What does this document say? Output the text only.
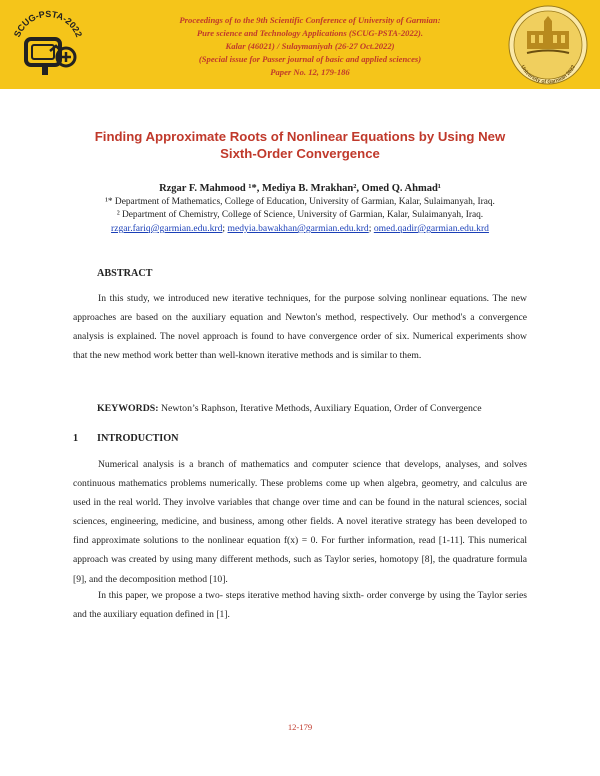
SCUG-PSTA-2022
Proceedings of to the 9th Scientific Conference of University of Garmian:
Pure science and Technology Applications (SCUG-PSTA-2022).
Kalar (46021) / Sulaymaniyah (26-27 Oct.2022)
(Special issue for Passer journal of basic and applied sciences)
Paper No. 12, 179-186	University of Garmian 2022
Finding Approximate Roots of Nonlinear Equations by Using New
Sixth-Order Convergence
Rzgar F. Mahmood ¹*, Mediya B. Mrakhan², Omed Q. Ahmad¹
¹* Department of Mathematics, College of Education, University of Garmian, Kalar, Sulaimanyah, Iraq.
² Department of Chemistry, College of Science, University of Garmian, Kalar, Sulaimanyah, Iraq.
rzgar.fariq@garmian.edu.krd; medyia.bawakhan@garmian.edu.krd; omed.qadir@garmian.edu.krd
ABSTRACT
In this study, we introduced new iterative techniques, for the purpose solving nonlinear equations. The new approaches are based on the auxiliary equation and Newton's method, respectively. Our method's a convergence analysis is explained. The novel approach is found to have convergence order of six. Numerical experiments show that the new method work better than well-known iterative methods and is similar to them.
KEYWORDS: Newton’s Raphson, Iterative Methods, Auxiliary Equation, Order of Convergence
1 INTRODUCTION
Numerical analysis is a branch of mathematics and computer science that develops, analyses, and solves continuous mathematics problems numerically. These problems come up when algebra, geometry, and calculus are used in the real world. They involve variables that change over time and can be found in the natural sciences, social sciences, engineering, medicine, and business, among other fields. A novel iterative strategy has been developed to find approximate solutions to the nonlinear equation f(x) = 0. For further information, read [1-11]. This numerical approach was created by using many different methods, such as Taylor series, homotopy [8], the quadrature formula [9], and the decomposition method [10].
In this paper, we propose a two- steps iterative method having sixth- order converge by using the Taylor series and the auxiliary equation defined in [1].
12-179
